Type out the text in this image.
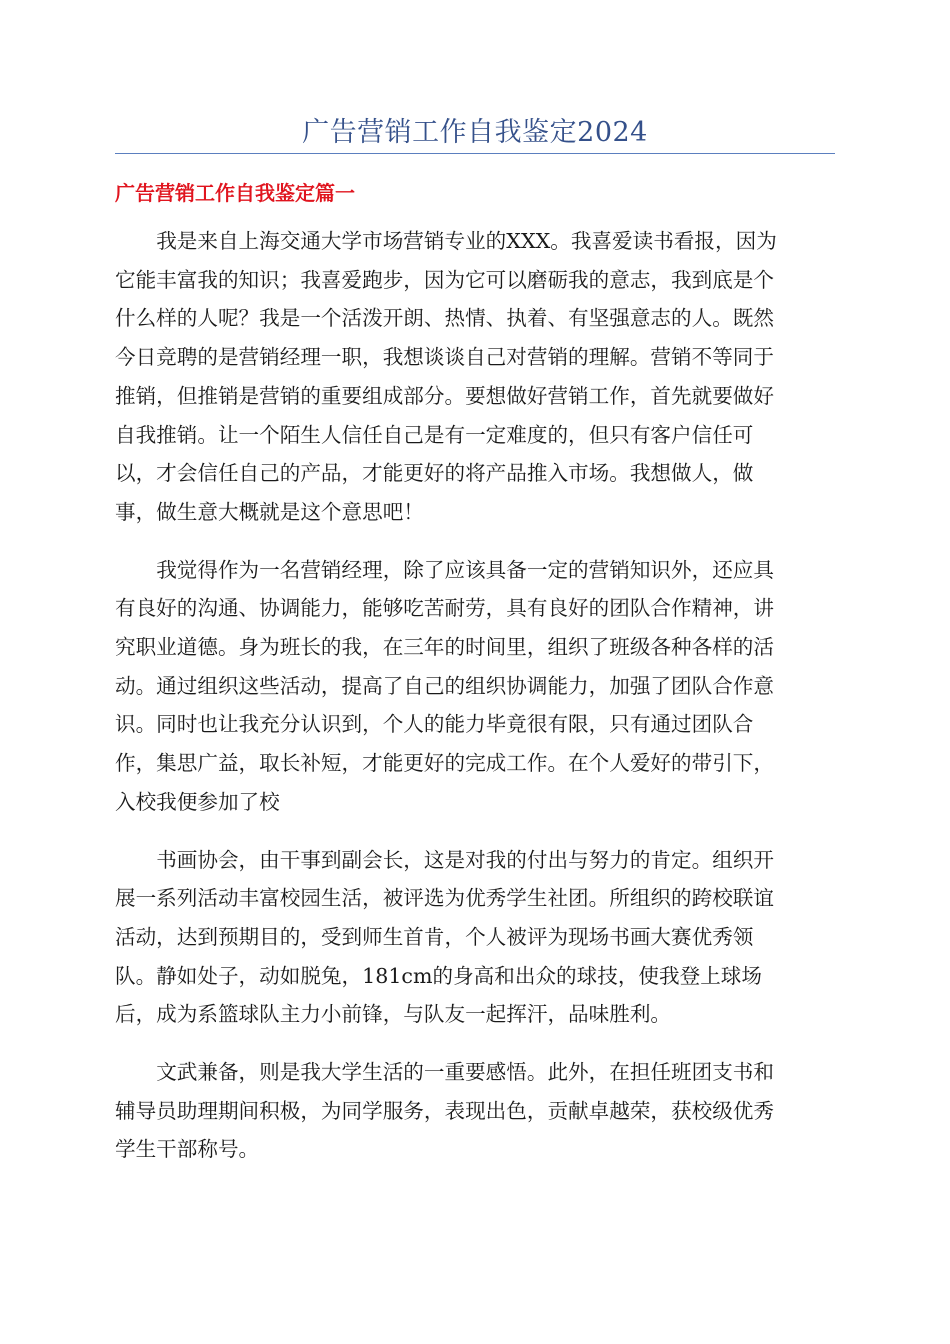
广告营销工作自我鉴定2024
广告营销工作自我鉴定篇一
我是来自上海交通大学市场营销专业的XXX。我喜爱读书看报，因为
它能丰富我的知识；我喜爱跑步，因为它可以磨砺我的意志，我到底是个
什么样的人呢？我是一个活泼开朗、热情、执着、有坚强意志的人。既然
今日竞聘的是营销经理一职，我想谈谈自己对营销的理解。营销不等同于
推销，但推销是营销的重要组成部分。要想做好营销工作，首先就要做好
自我推销。让一个陌生人信任自己是有一定难度的，但只有客户信任可
以，才会信任自己的产品，才能更好的将产品推入市场。我想做人，做
事，做生意大概就是这个意思吧！
我觉得作为一名营销经理，除了应该具备一定的营销知识外，还应具
有良好的沟通、协调能力，能够吃苦耐劳，具有良好的团队合作精神，讲
究职业道德。身为班长的我，在三年的时间里，组织了班级各种各样的活
动。通过组织这些活动，提高了自己的组织协调能力，加强了团队合作意
识。同时也让我充分认识到，个人的能力毕竟很有限，只有通过团队合
作，集思广益，取长补短，才能更好的完成工作。在个人爱好的带引下，
入校我便参加了校
书画协会，由干事到副会长，这是对我的付出与努力的肯定。组织开
展一系列活动丰富校园生活，被评选为优秀学生社团。所组织的跨校联谊
活动，达到预期目的，受到师生首肯，个人被评为现场书画大赛优秀领
队。静如处子，动如脱兔，181cm的身高和出众的球技，使我登上球场
后，成为系篮球队主力小前锋，与队友一起挥汗，品味胜利。
文武兼备，则是我大学生活的一重要感悟。此外，在担任班团支书和
辅导员助理期间积极，为同学服务，表现出色，贡献卓越荣，获校级优秀
学生干部称号。
